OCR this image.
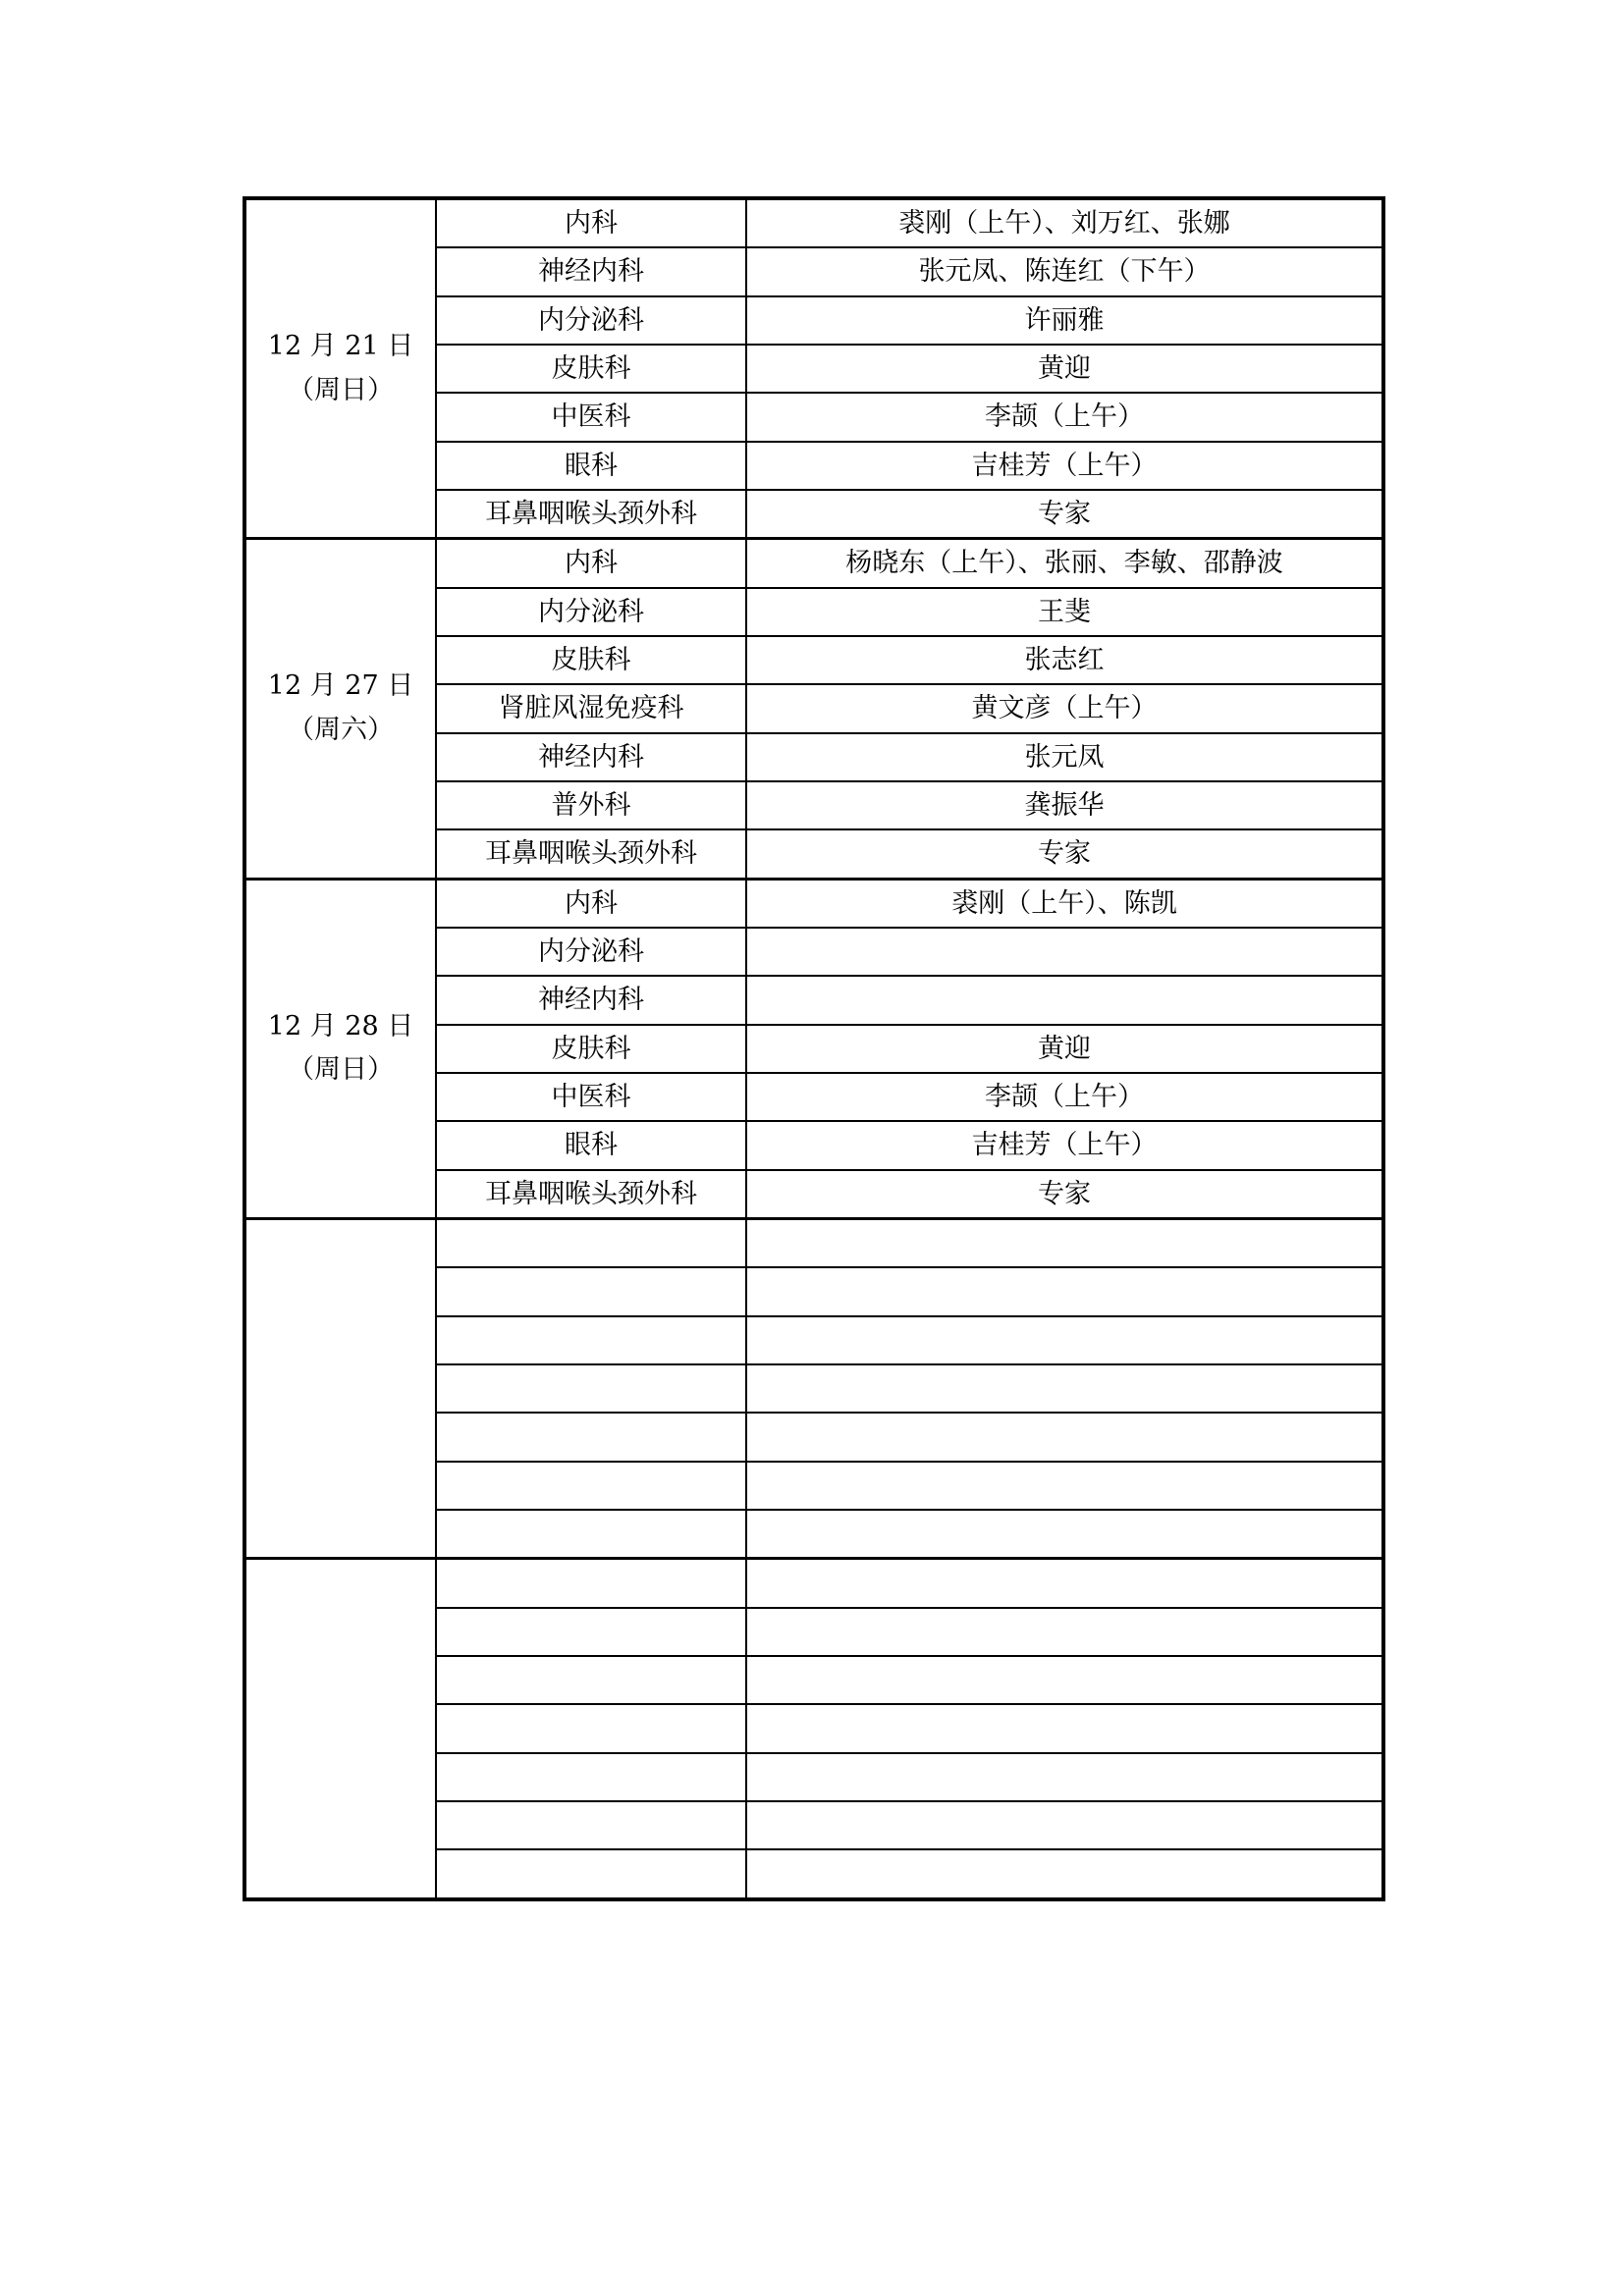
12 月 21 日
（周日）	内科	裘刚（上午）、刘万红、张娜
	神经内科	张元凤、陈连红（下午）
	内分泌科	许丽雅
	皮肤科	黄迎
	中医科	李颉（上午）
	眼科	吉桂芳（上午）
	耳鼻咽喉头颈外科	专家

12 月 27 日
（周六）	内科	杨晓东（上午）、张丽、李敏、邵静波
	内分泌科	王斐
	皮肤科	张志红
	肾脏风湿免疫科	黄文彦（上午）
	神经内科	张元凤
	普外科	龚振华
	耳鼻咽喉头颈外科	专家

12 月 28 日
（周日）	内科	裘刚（上午）、陈凯
	内分泌科	
	神经内科	
	皮肤科	黄迎
	中医科	李颉（上午）
	眼科	吉桂芳（上午）
	耳鼻咽喉头颈外科	专家
